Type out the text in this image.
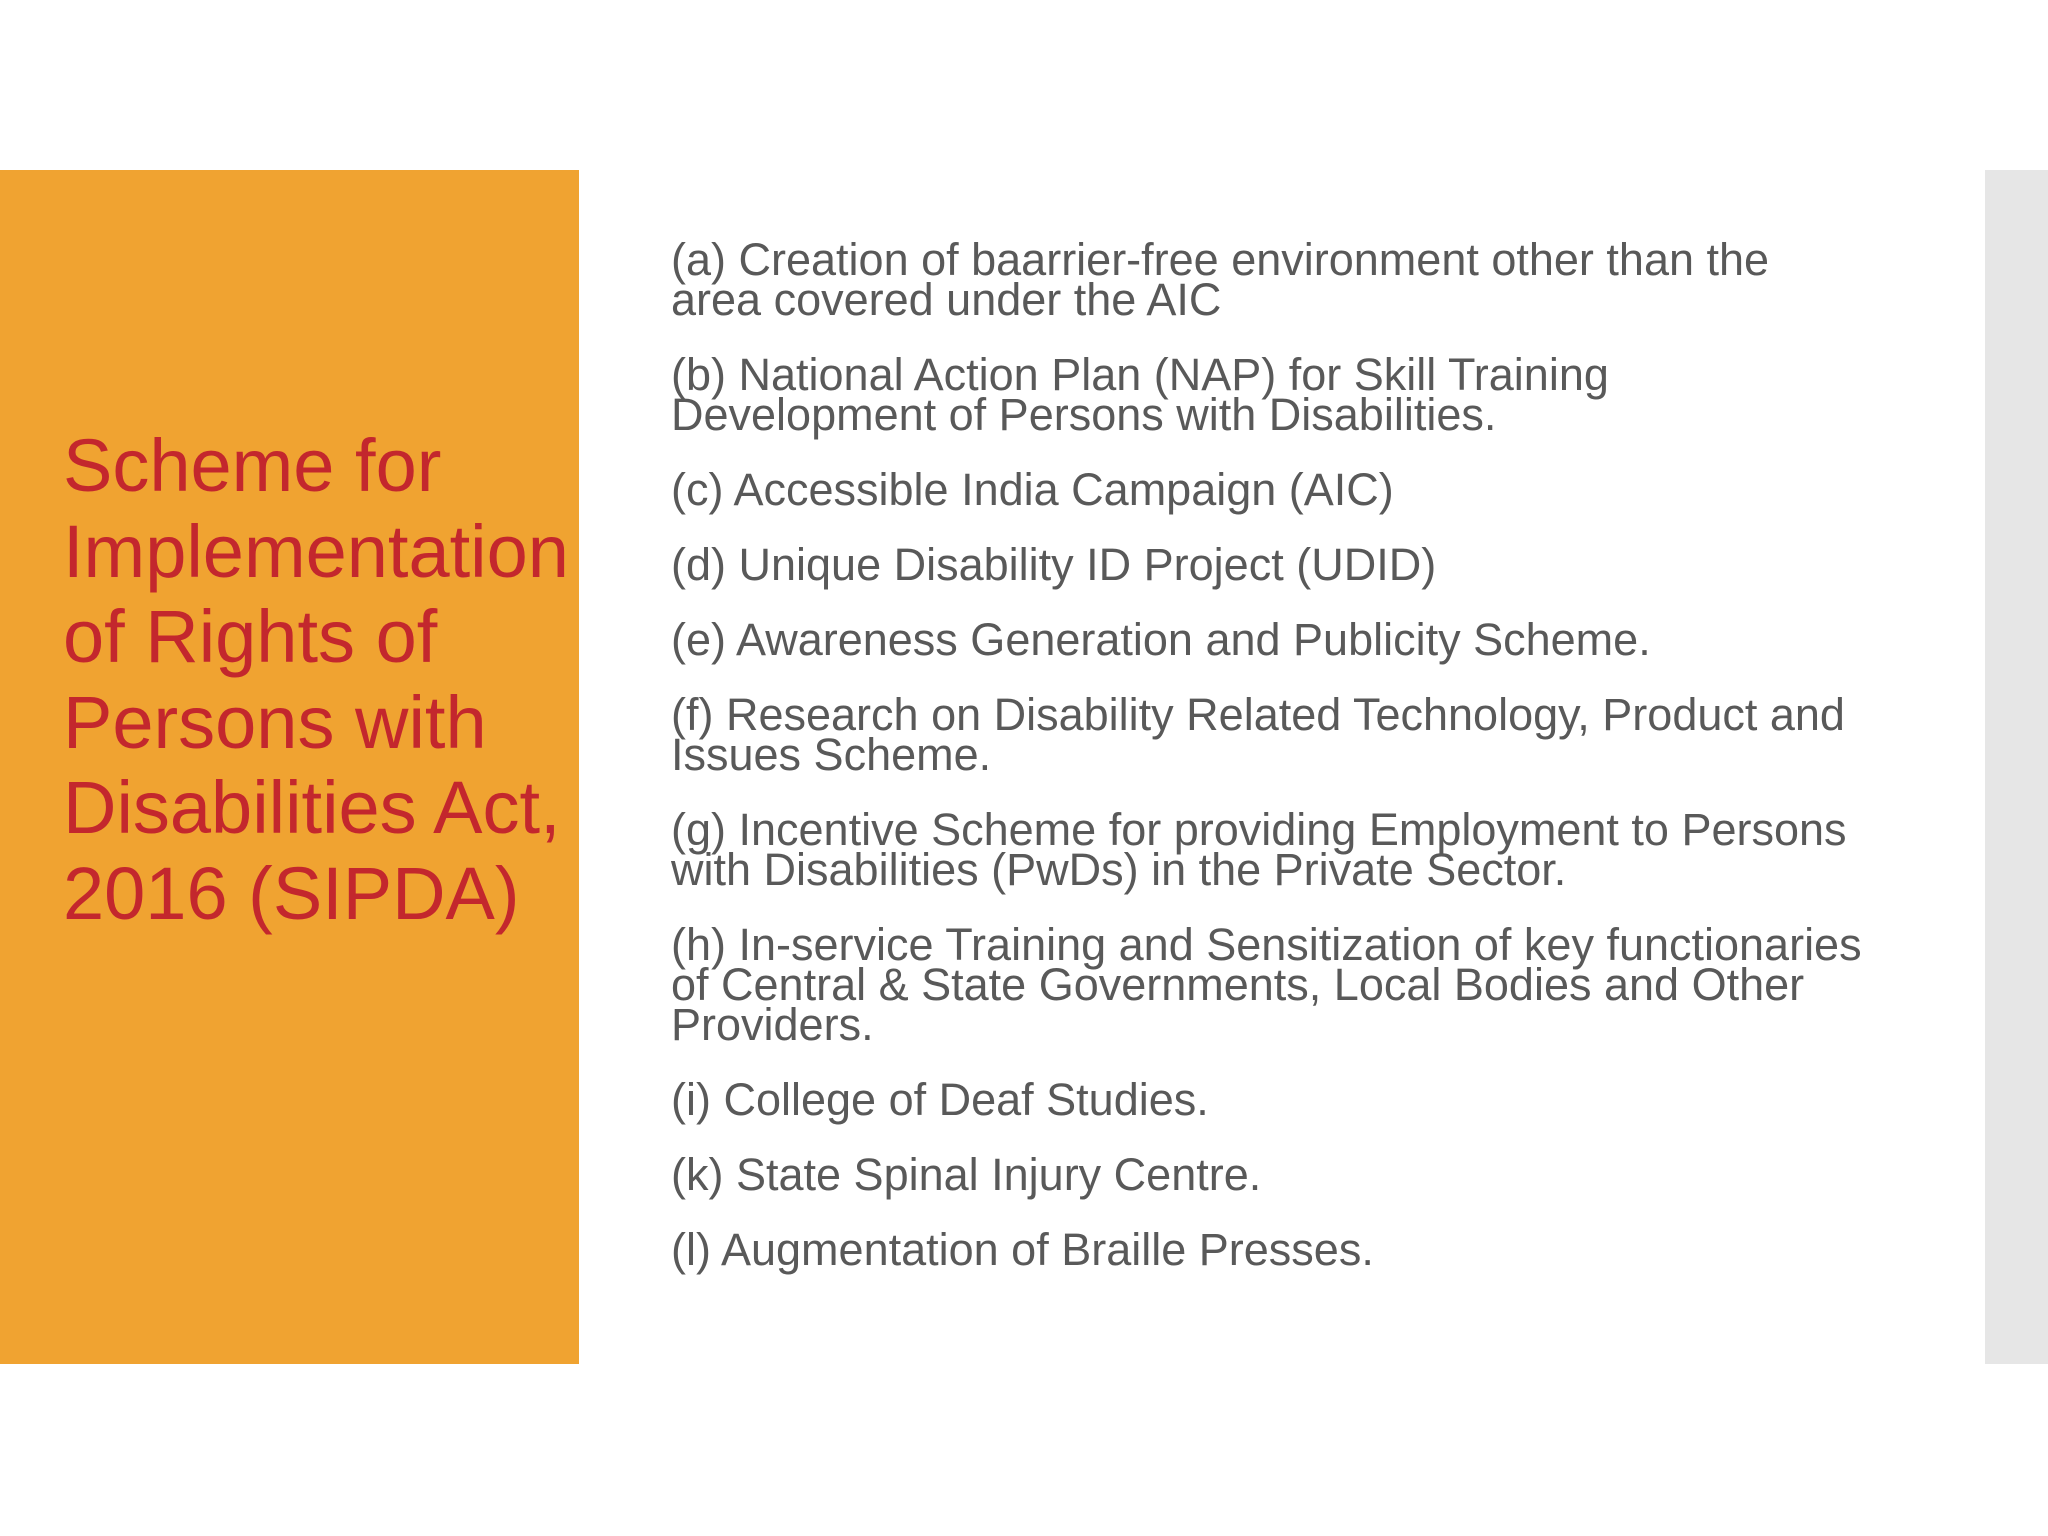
Scheme for Implementation of Rights of Persons with Disabilities Act, 2016 (SIPDA)
(a) Creation of baarrier-free environment other than the area covered under the AIC
(b) National Action Plan (NAP) for Skill Training Development of Persons with Disabilities.
(c) Accessible India Campaign (AIC)
(d) Unique Disability ID Project (UDID)
(e) Awareness Generation and Publicity Scheme.
(f) Research on Disability Related Technology, Product and Issues Scheme.
(g) Incentive Scheme for providing Employment to Persons with Disabilities (PwDs) in the Private Sector.
(h) In-service Training and Sensitization of key functionaries of Central & State Governments, Local Bodies and Other Providers.
(i) College of Deaf Studies.
(k) State Spinal Injury Centre.
(l) Augmentation of Braille Presses.
